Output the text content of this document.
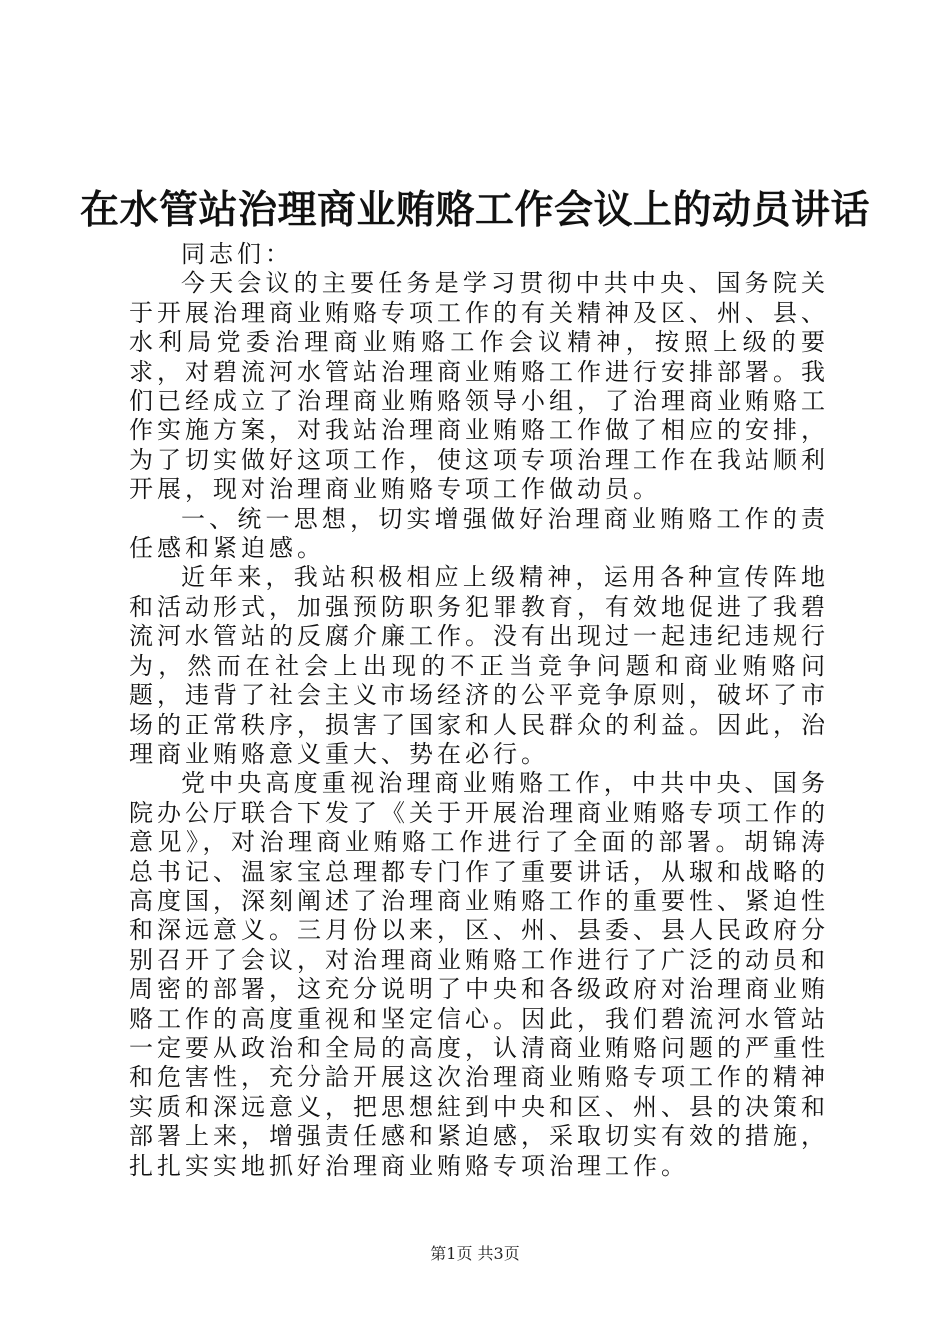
在水管站治理商业贿赂工作会议上的动员讲话

同志们：

今天会议的主要任务是学习贯彻中共中央、国务院关于开展治理商业贿赂专项工作的有关精神及区、州、县、水利局党委治理商业贿赂工作会议精神，按照上级的要求，对碧流河水管站治理商业贿赂工作进行安排部署。我们已经成立了治理商业贿赂领导小组，了治理商业贿赂工作实施方案，对我站治理商业贿赂工作做了相应的安排，为了切实做好这项工作，使这项专项治理工作在我站顺利开展，现对治理商业贿赂专项工作做动员。

一、统一思想，切实增强做好治理商业贿赂工作的责任感和紧迫感。

近年来，我站积极相应上级精神，运用各种宣传阵地和活动形式，加强预防职务犯罪教育，有效地促进了我碧流河水管站的反腐介廉工作。没有出现过一起违纪违规行为，然而在社会上出现的不正当竞争问题和商业贿赂问题，违背了社会主义市场经济的公平竞争原则，破坏了市场的正常秩序，损害了国家和人民群众的利益。因此，治理商业贿赂意义重大、势在必行。

党中央高度重视治理商业贿赂工作，中共中央、国务院办公厅联合下发了《关于开展治理商业贿赂专项工作的意见》，对治理商业贿赂工作进行了全面的部署。胡锦涛总书记、温家宝总理都专门作了重要讲话，从琡和战略的高度国，深刻阐述了治理商业贿赂工作的重要性、紧迫性和深远意义。三月份以来，区、州、县委、县人民政府分别召开了会议，对治理商业贿赂工作进行了广泛的动员和周密的部署，这充分说明了中央和各级政府对治理商业贿赂工作的高度重视和坚定信心。因此，我们碧流河水管站一定要从政治和全局的高度，认清商业贿赂问题的严重性和危害性，充分詥开展这次治理商业贿赂专项工作的精神实质和深远意义，把思想紸到中央和区、州、县的决策和部署上来，增强责任感和紧迫感，采取切实有效的措施，扎扎实实地抓好治理商业贿赂专项治理工作。

第1页 共3页
